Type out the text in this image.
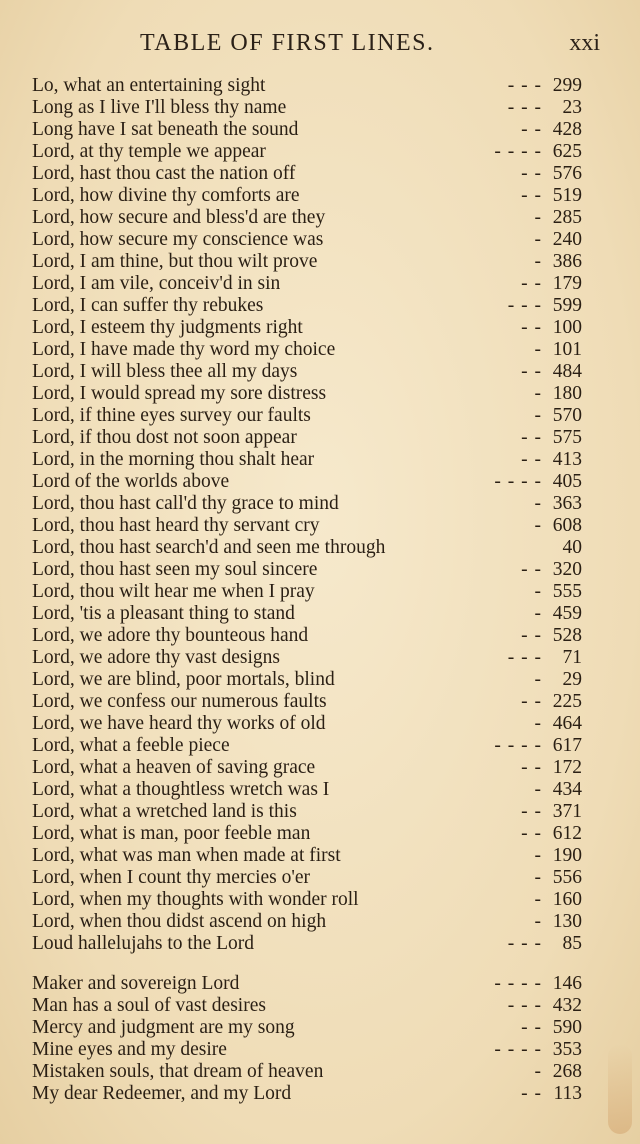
TABLE OF FIRST LINES.	xxi
Lo, what an entertaining sight	- - - 299
Long as I live I'll bless thy name	- - -	23
Long have I sat beneath the sound	- - 428
Lord, at thy temple we appear	- - - - 625
Lord, hast thou cast the nation off	- - 576
Lord, how divine thy comforts are	- - 519
Lord, how secure and bless'd are they	- 285
Lord, how secure my conscience was	- 240
Lord, I am thine, but thou wilt prove	- 386
Lord, I am vile, conceiv'd in sin	- - 179
Lord, I can suffer thy rebukes	- - - 599
Lord, I esteem thy judgments right	- - 100
Lord, I have made thy word my choice	- 101
Lord, I will bless thee all my days	- - 484
Lord, I would spread my sore distress	- 180
Lord, if thine eyes survey our faults	- 570
Lord, if thou dost not soon appear	- - 575
Lord, in the morning thou shalt hear	- - 413
Lord of the worlds above	- - - - 405
Lord, thou hast call'd thy grace to mind	- 363
Lord, thou hast heard thy servant cry	- 608
Lord, thou hast search'd and seen me through	40
Lord, thou hast seen my soul sincere	- - 320
Lord, thou wilt hear me when I pray	- 555
Lord, 'tis a pleasant thing to stand	- 459
Lord, we adore thy bounteous hand	- - 528
Lord, we adore thy vast designs	- - -	71
Lord, we are blind, poor mortals, blind	-	29
Lord, we confess our numerous faults	- - 225
Lord, we have heard thy works of old	- 464
Lord, what a feeble piece	- - - - 617
Lord, what a heaven of saving grace	- - 172
Lord, what a thoughtless wretch was I	- 434
Lord, what a wretched land is this	- - 371
Lord, what is man, poor feeble man	- - 612
Lord, what was man when made at first	- 190
Lord, when I count thy mercies o'er	- 556
Lord, when my thoughts with wonder roll	- 160
Lord, when thou didst ascend on high	- 130
Loud hallelujahs to the Lord	- - -	85
Maker and sovereign Lord	- - - - 146
Man has a soul of vast desires	- - - 432
Mercy and judgment are my song	- - 590
Mine eyes and my desire	- - - - 353
Mistaken souls, that dream of heaven	- 268
My dear Redeemer, and my Lord	- - 113
